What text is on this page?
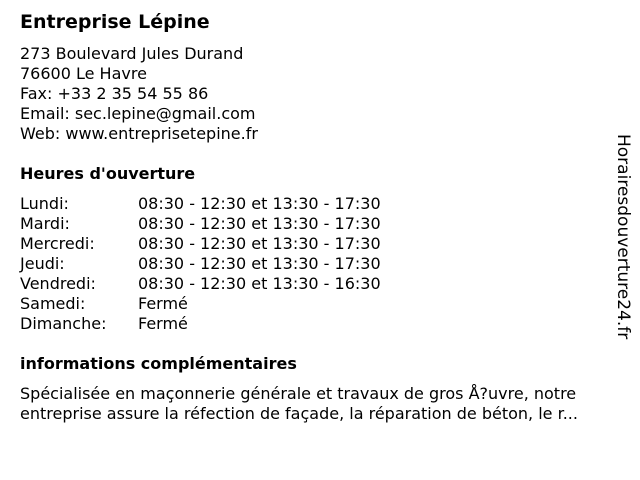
Entreprise Lépine
273 Boulevard Jules Durand
76600 Le Havre
Fax: +33 2 35 54 55 86
Email: sec.lepine@gmail.com
Web: www.entreprisetepine.fr
Heures d'ouverture
Lundi:	08:30 - 12:30 et 13:30 - 17:30
Mardi:	08:30 - 12:30 et 13:30 - 17:30
Mercredi:	08:30 - 12:30 et 13:30 - 17:30
Jeudi:	08:30 - 12:30 et 13:30 - 17:30
Vendredi:	08:30 - 12:30 et 13:30 - 16:30
Samedi:	Fermé
Dimanche: Fermé
informations complémentaires
Spécialisée en maçonnerie générale et travaux de gros Å?uvre, notre
entreprise assure la réfection de façade, la réparation de béton, le r...
Horairesdouverture24.fr
